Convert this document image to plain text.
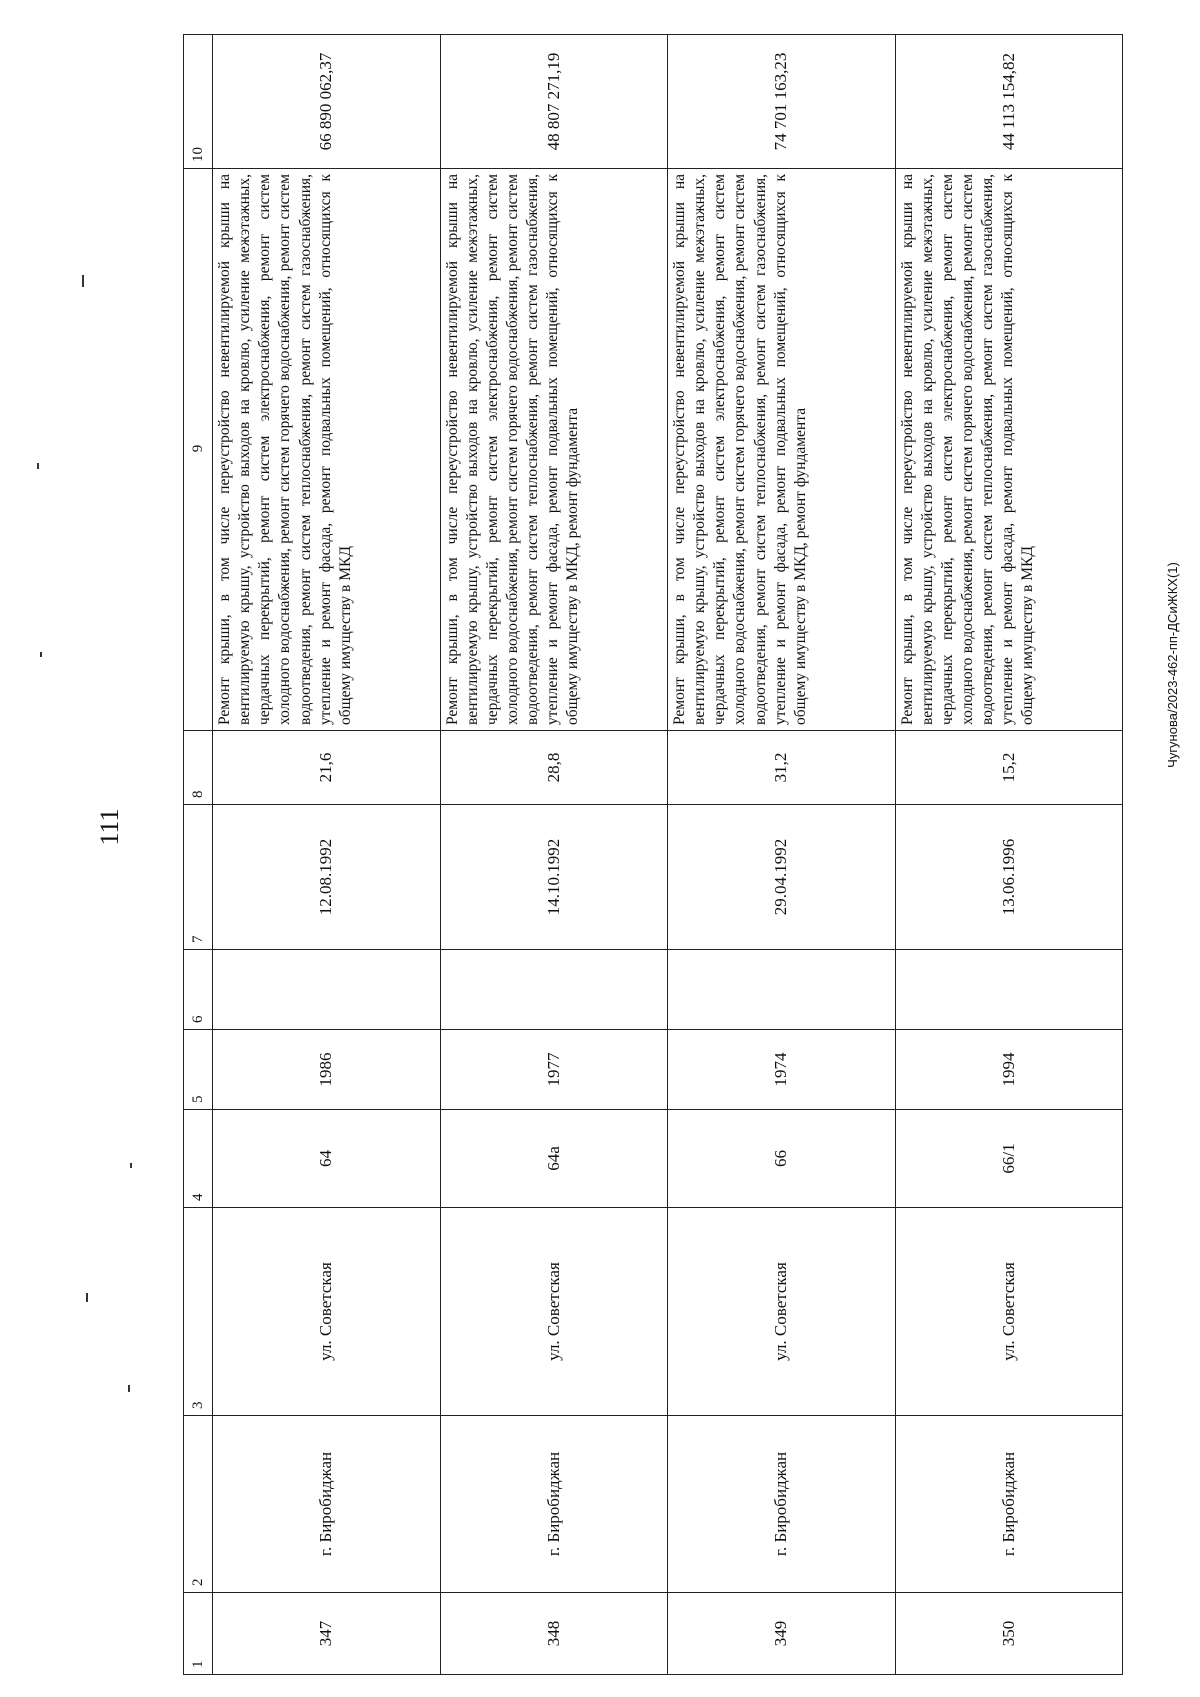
111
Чугунова/2023-462-пп-ДСиЖКХ(1)
1	2	3	4	5	6	7	8	9	10
347	г. Биробиджан	ул. Советская	64	1986		12.08.1992	21,6	Ремонт крыши, в том числе переустройство невентилируемой крыши на вентилируемую крышу, устройство выходов на кровлю, усиление межэтажных, чердачных перекрытий, ремонт систем электроснабжения, ремонт систем холодного водоснабжения, ремонт систем горячего водоснабжения, ремонт систем водоотведения, ремонт систем теплоснабжения, ремонт систем газоснабжения, утепление и ремонт фасада, ремонт подвальных помещений, относящихся к общему имуществу в МКД	66 890 062,37
348	г. Биробиджан	ул. Советская	64а	1977		14.10.1992	28,8	Ремонт крыши, в том числе переустройство невентилируемой крыши на вентилируемую крышу, устройство выходов на кровлю, усиление межэтажных, чердачных перекрытий, ремонт систем электроснабжения, ремонт систем холодного водоснабжения, ремонт систем горячего водоснабжения, ремонт систем водоотведения, ремонт систем теплоснабжения, ремонт систем газоснабжения, утепление и ремонт фасада, ремонт подвальных помещений, относящихся к общему имуществу в МКД, ремонт фундамента	48 807 271,19
349	г. Биробиджан	ул. Советская	66	1974		29.04.1992	31,2	Ремонт крыши, в том числе переустройство невентилируемой крыши на вентилируемую крышу, устройство выходов на кровлю, усиление межэтажных, чердачных перекрытий, ремонт систем электроснабжения, ремонт систем холодного водоснабжения, ремонт систем горячего водоснабжения, ремонт систем водоотведения, ремонт систем теплоснабжения, ремонт систем газоснабжения, утепление и ремонт фасада, ремонт подвальных помещений, относящихся к общему имуществу в МКД, ремонт фундамента	74 701 163,23
350	г. Биробиджан	ул. Советская	66/1	1994		13.06.1996	15,2	Ремонт крыши, в том числе переустройство невентилируемой крыши на вентилируемую крышу, устройство выходов на кровлю, усиление межэтажных, чердачных перекрытий, ремонт систем электроснабжения, ремонт систем холодного водоснабжения, ремонт систем горячего водоснабжения, ремонт систем водоотведения, ремонт систем теплоснабжения, ремонт систем газоснабжения, утепление и ремонт фасада, ремонт подвальных помещений, относящихся к общему имуществу в МКД	44 113 154,82
